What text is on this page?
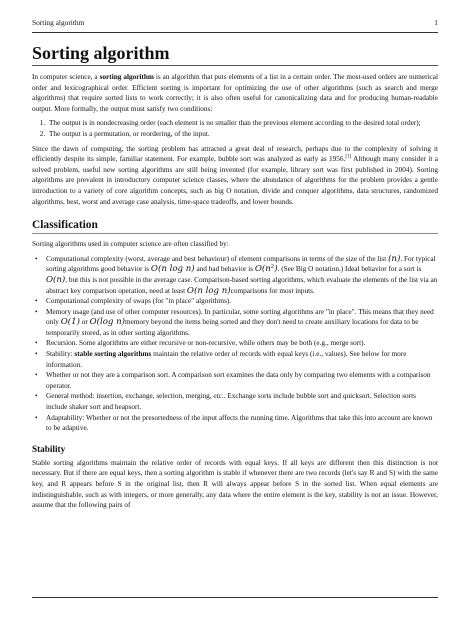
Sorting algorithm	1
Sorting algorithm

In computer science, a sorting algorithm is an algorithm that puts elements of a list in a certain order. The most-used orders are numerical order and lexicographical order. Efficient sorting is important for optimizing the use of other algorithms (such as search and merge algorithms) that require sorted lists to work correctly; it is also often useful for canonicalizing data and for producing human-readable output. More formally, the output must satisfy two conditions:

1. The output is in nondecreasing order (each element is no smaller than the previous element according to the desired total order);
2. The output is a permutation, or reordering, of the input.

Since the dawn of computing, the sorting problem has attracted a great deal of research, perhaps due to the complexity of solving it efficiently despite its simple, familiar statement. For example, bubble sort was analyzed as early as 1956.[1] Although many consider it a solved problem, useful new sorting algorithms are still being invented (for example, library sort was first published in 2004). Sorting algorithms are prevalent in introductory computer science classes, where the abundance of algorithms for the problem provides a gentle introduction to a variety of core algorithm concepts, such as big O notation, divide and conquer algorithms, data structures, randomized algorithms, best, worst and average case analysis, time-space tradeoffs, and lower bounds.

Classification

Sorting algorithms used in computer science are often classified by:

• Computational complexity (worst, average and best behaviour) of element comparisons in terms of the size of the list (n). For typical sorting algorithms good behavior is O(n log n) and bad behavior is O(n²). (See Big O notation.) Ideal behavior for a sort is O(n), but this is not possible in the average case. Comparison-based sorting algorithms, which evaluate the elements of the list via an abstract key comparison operation, need at least O(n log n)comparisons for most inputs.
• Computational complexity of swaps (for "in place" algorithms).
• Memory usage (and use of other computer resources). In particular, some sorting algorithms are "in place". This means that they need only O(1) or O(log n)memory beyond the items being sorted and they don't need to create auxiliary locations for data to be temporarily stored, as in other sorting algorithms.
• Recursion. Some algorithms are either recursive or non-recursive, while others may be both (e.g., merge sort).
• Stability: stable sorting algorithms maintain the relative order of records with equal keys (i.e., values). See below for more information.
• Whether or not they are a comparison sort. A comparison sort examines the data only by comparing two elements with a comparison operator.
• General method: insertion, exchange, selection, merging, etc.. Exchange sorts include bubble sort and quicksort. Selection sorts include shaker sort and heapsort.
• Adaptability: Whether or not the presortedness of the input affects the running time. Algorithms that take this into account are known to be adaptive.
Stability

Stable sorting algorithms maintain the relative order of records with equal keys. If all keys are different then this distinction is not necessary. But if there are equal keys, then a sorting algorithm is stable if whenever there are two records (let's say R and S) with the same key, and R appears before S in the original list, then R will always appear before S in the sorted list. When equal elements are indistinguishable, such as with integers, or more generally, any data where the entire element is the key, stability is not an issue. However, assume that the following pairs of
